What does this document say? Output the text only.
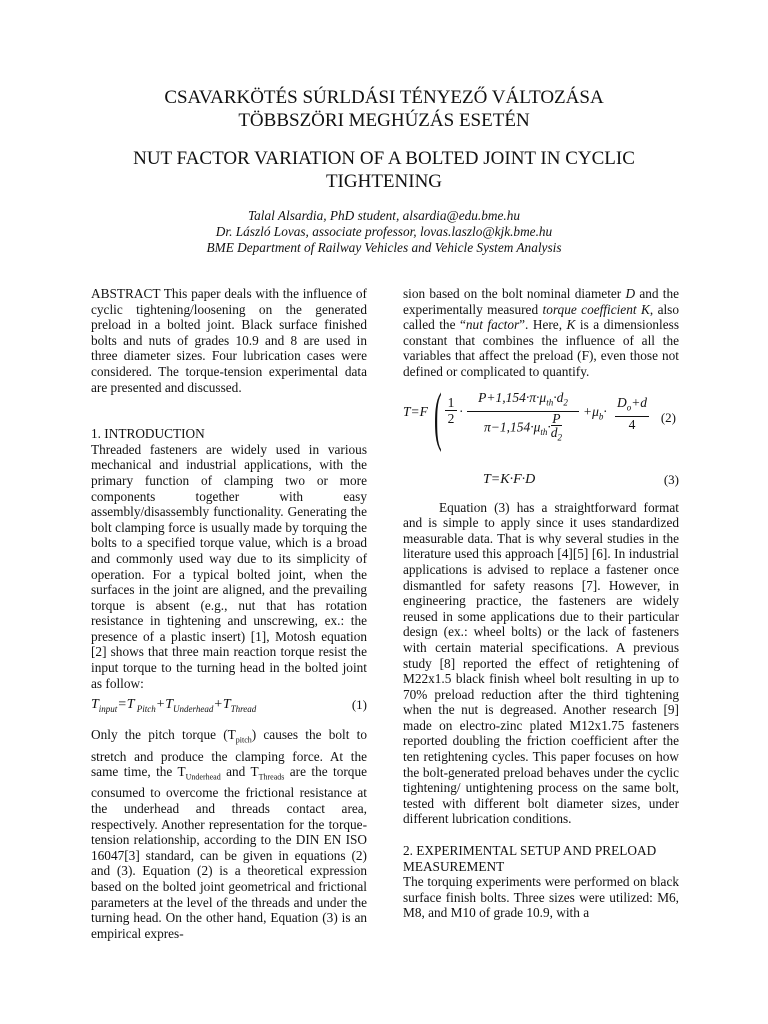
CSAVARKÖTÉS SÚRLDÁSI TÉNYEZŐ VÁLTOZÁSA
TÖBBSZÖRI MEGHÚZÁS ESETÉN
NUT FACTOR VARIATION OF A BOLTED JOINT IN CYCLIC
TIGHTENING
Talal Alsardia, PhD student, alsardia@edu.bme.hu
Dr. László Lovas, associate professor, lovas.laszlo@kjk.bme.hu
BME Department of Railway Vehicles and Vehicle System Analysis

ABSTRACT This paper deals with the influence of cyclic tightening/loosening on the generated preload in a bolted joint. Black surface finished bolts and nuts of grades 10.9 and 8 are used in three diameter sizes. Four lubrication cases were considered. The torque-tension experimental data are presented and discussed.

1. INTRODUCTION

Threaded fasteners are widely used in various mechanical and industrial applications, with the primary function of clamping two or more components together with easy assembly/disassembly functionality. Generating the bolt clamping force is usually made by torquing the bolts to a specified torque value, which is a broad and commonly used way due to its simplicity of operation. For a typical bolted joint, when the surfaces in the joint are aligned, and the prevailing torque is absent (e.g., nut that has rotation resistance in tightening and unscrewing, ex.: the presence of a plastic insert) [1], Motosh equation [2] shows that three main reaction torque resist the input torque to the turning head in the bolted joint as follow:

$T_{input}=T$ $_{Pitch}+T_{Underhead}+T_{Thread}$	(1)

Only the pitch torque $(T_{pitch})$ causes the bolt to stretch and produce the clamping force. At the same time, the $T_{Underhead}$ and $T_{Threads}$ are the torque consumed to overcome the frictional resistance at the underhead and threads contact area, respectively. Another representation for the torque-tension relationship, according to the DIN EN ISO 16047[3] standard, can be given in equations (2) and (3). Equation (2) is a theoretical expression based on the bolted joint geometrical and frictional parameters at the level of the threads and under the turning head. On the other hand, Equation (3) is an empirical expres-

sion based on the bolt nominal diameter D and the experimentally measured torque coefficient K, also called the “nut factor”. Here, K is a dimensionless constant that combines the influence of all the variables that affect the preload (F), even those not defined or complicated to quantify.

T=F ( 1
2
·
$P+1,154\cdot\pi\cdot\mu_{th}\cdot d_2$
$\pi-1,154\cdot\mu_{th}\cdot P$
$d_2$
$+\mu_b\cdot$
$D_o+d$
4	(2)
T=K·F·D	(3)

Equation (3) has a straightforward format and is simple to apply since it uses standardized measurable data. That is why several studies in the literature used this approach [4][5] [6]. In industrial applications is advised to replace a fastener once dismantled for safety reasons [7]. However, in engineering practice, the fasteners are widely reused in some applications due to their particular design (ex.: wheel bolts) or the lack of fasteners with certain material specifications. A previous study [8] reported the effect of retightening of M22x1.5 black finish wheel bolt resulting in up to 70% preload reduction after the third tightening when the nut is degreased. Another research [9] made on electro-zinc plated M12x1.75 fasteners reported doubling the friction coefficient after the ten retightening cycles. This paper focuses on how the bolt-generated preload behaves under the cyclic tightening/ untightening process on the same bolt, tested with different bolt diameter sizes, under different lubrication conditions.

2. EXPERIMENTAL SETUP AND PRELOAD
MEASUREMENT

The torquing experiments were performed on black surface finish bolts. Three sizes were utilized: M6, M8, and M10 of grade 10.9, with a
